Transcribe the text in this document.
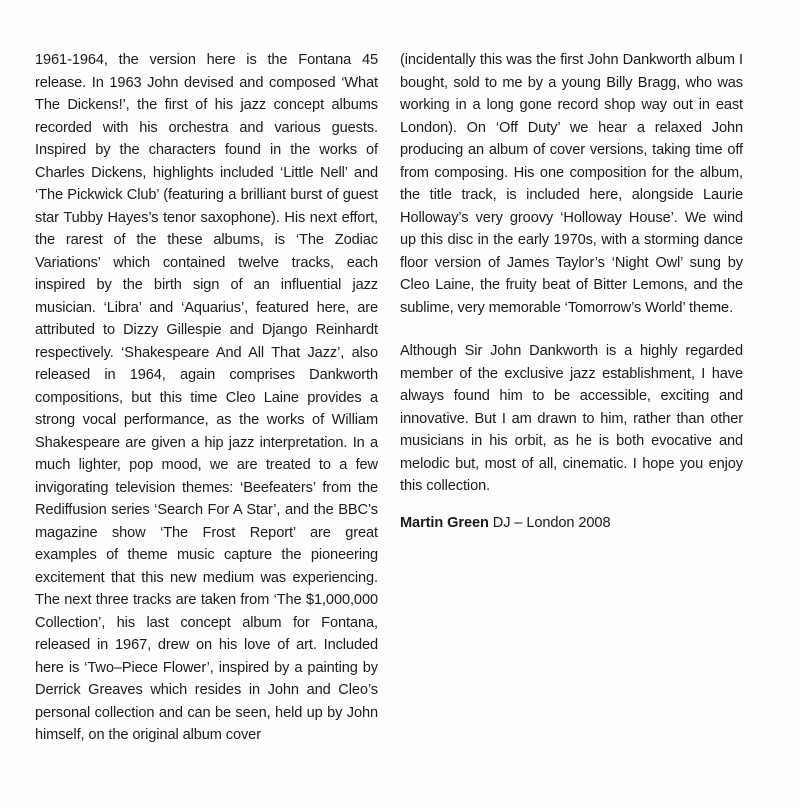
1961-1964, the version here is the Fontana 45 release. In 1963 John devised and composed ‘What The Dickens!’, the first of his jazz concept albums recorded with his orchestra and various guests. Inspired by the characters found in the works of Charles Dickens, highlights included ‘Little Nell’ and ‘The Pickwick Club’ (featuring a brilliant burst of guest star Tubby Hayes’s tenor saxophone). His next effort, the rarest of the these albums, is ‘The Zodiac Variations’ which contained twelve tracks, each inspired by the birth sign of an influential jazz musician. ‘Libra’ and ‘Aquarius’, featured here, are attributed to Dizzy Gillespie and Django Reinhardt respectively. ‘Shakespeare And All That Jazz’, also released in 1964, again comprises Dankworth compositions, but this time Cleo Laine provides a strong vocal performance, as the works of William Shakespeare are given a hip jazz interpretation. In a much lighter, pop mood, we are treated to a few invigorating television themes: ‘Beefeaters’ from the Rediffusion series ‘Search For A Star’, and the BBC’s magazine show ‘The Frost Report’ are great examples of theme music capture the pioneering excitement that this new medium was experiencing. The next three tracks are taken from ‘The $1,000,000 Collection’, his last concept album for Fontana, released in 1967, drew on his love of art. Included here is ‘Two–Piece Flower’, inspired by a painting by Derrick Greaves which resides in John and Cleo’s personal collection and can be seen, held up by John himself, on the original album cover

(incidentally this was the first John Dankworth album I bought, sold to me by a young Billy Bragg, who was working in a long gone record shop way out in east London). On ‘Off Duty’ we hear a relaxed John producing an album of cover versions, taking time off from composing. His one composition for the album, the title track, is included here, alongside Laurie Holloway’s very groovy ‘Holloway House’. We wind up this disc in the early 1970s, with a storming dance floor version of James Taylor’s ‘Night Owl’ sung by Cleo Laine, the fruity beat of Bitter Lemons, and the sublime, very memorable ‘Tomorrow’s World’ theme.

Although Sir John Dankworth is a highly regarded member of the exclusive jazz establishment, I have always found him to be accessible, exciting and innovative. But I am drawn to him, rather than other musicians in his orbit, as he is both evocative and melodic but, most of all, cinematic. I hope you enjoy this collection.

Martin Green DJ – London 2008
